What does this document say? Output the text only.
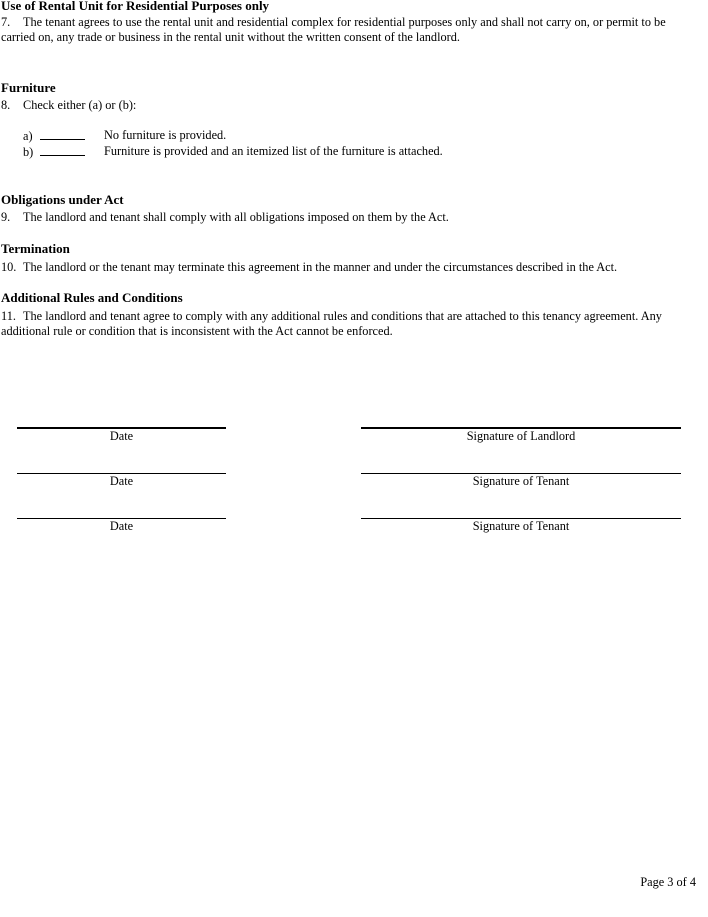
Use of Rental Unit for Residential Purposes only
7. The tenant agrees to use the rental unit and residential complex for residential purposes only and shall not carry on, or permit to be carried on, any trade or business in the rental unit without the written consent of the landlord.
Furniture
8. Check either (a) or (b):
a)	No furniture is provided.
b)	Furniture is provided and an itemized list of the furniture is attached.
Obligations under Act
9. The landlord and tenant shall comply with all obligations imposed on them by the Act.
Termination
10. The landlord or the tenant may terminate this agreement in the manner and under the circumstances described in the Act.
Additional Rules and Conditions
11. The landlord and tenant agree to comply with any additional rules and conditions that are attached to this tenancy agreement. Any additional rule or condition that is inconsistent with the Act cannot be enforced.
Date	Signature of Landlord
Date	Signature of Tenant
Date	Signature of Tenant
Page 3 of 4
